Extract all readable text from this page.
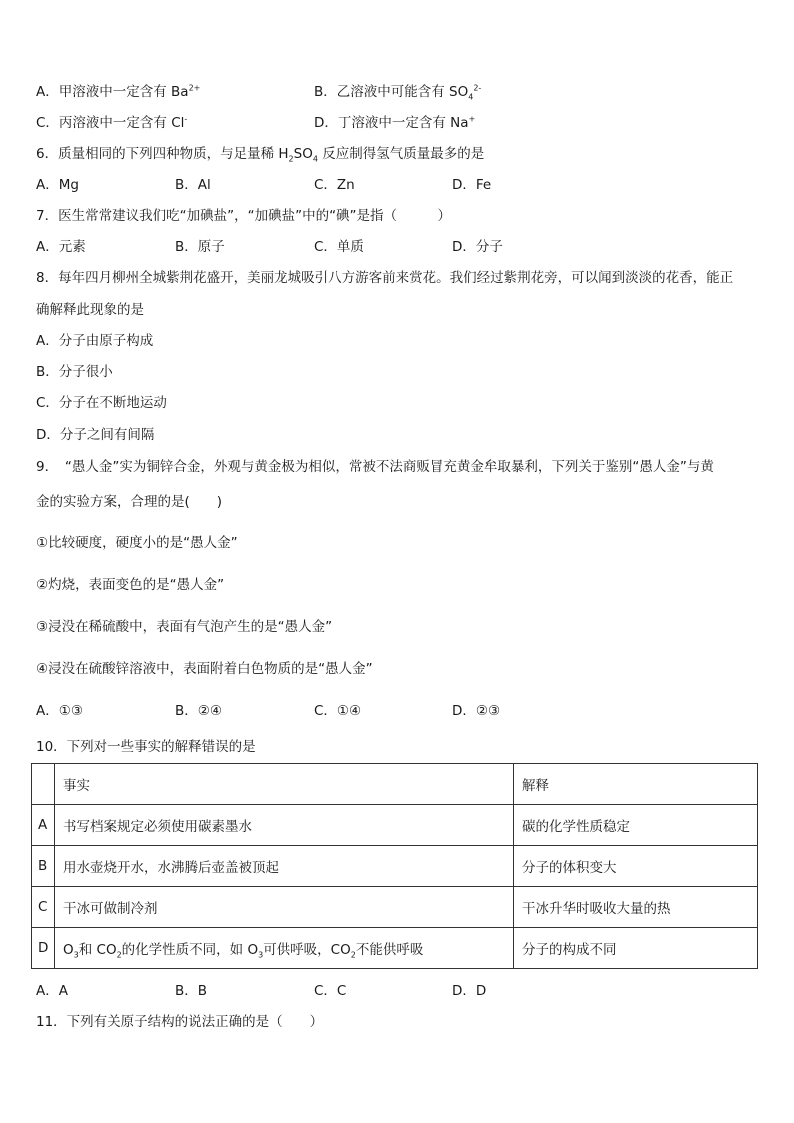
A．甲溶液中一定含有 $Ba^{2+}$	B．乙溶液中可能含有 $SO_4^{2-}$
C．丙溶液中一定含有 Cl-	D．丁溶液中一定含有 Na+
6．质量相同的下列四种物质，与足量稀 $H_2SO_4$ 反应制得氢气质量最多的是
A．Mg	B．Al	C．Zn	D．Fe
7．医生常常建议我们吃“加碘盐”，“加碘盐”中的“碘”是指（　　　）
A．元素	B．原子	C．单质	D．分子
8．每年四月柳州全城紫荆花盛开，美丽龙城吸引八方游客前来赏花。我们经过紫荆花旁，可以闻到淡淡的花香，能正
确解释此现象的是
A．分子由原子构成
B．分子很小
C．分子在不断地运动
D．分子之间有间隔
9．　“愚人金”实为铜锌合金，外观与黄金极为相似，常被不法商贩冒充黄金牟取暴利，下列关于鉴别“愚人金”与黄
金的实验方案，合理的是(　　)
①比较硬度，硬度小的是“愚人金”
②灼烧，表面变色的是“愚人金”
③浸没在稀硫酸中，表面有气泡产生的是“愚人金”
④浸没在硫酸锌溶液中，表面附着白色物质的是“愚人金”
A．①③	B．②④	C．①④	D．②③
10．下列对一些事实的解释错误的是
	事实	解释
A	书写档案规定必须使用碳素墨水	碳的化学性质稳定
B	用水壶烧开水，水沸腾后壶盖被顶起	分子的体积变大
C	干冰可做制冷剂	干冰升华时吸收大量的热
D	$O_3$和 $CO_2$的化学性质不同，如 $O_3$可供呼吸，$CO_2$不能供呼吸	分子的构成不同
A．A	B．B	C．C	D．D
11．下列有关原子结构的说法正确的是（　　）
